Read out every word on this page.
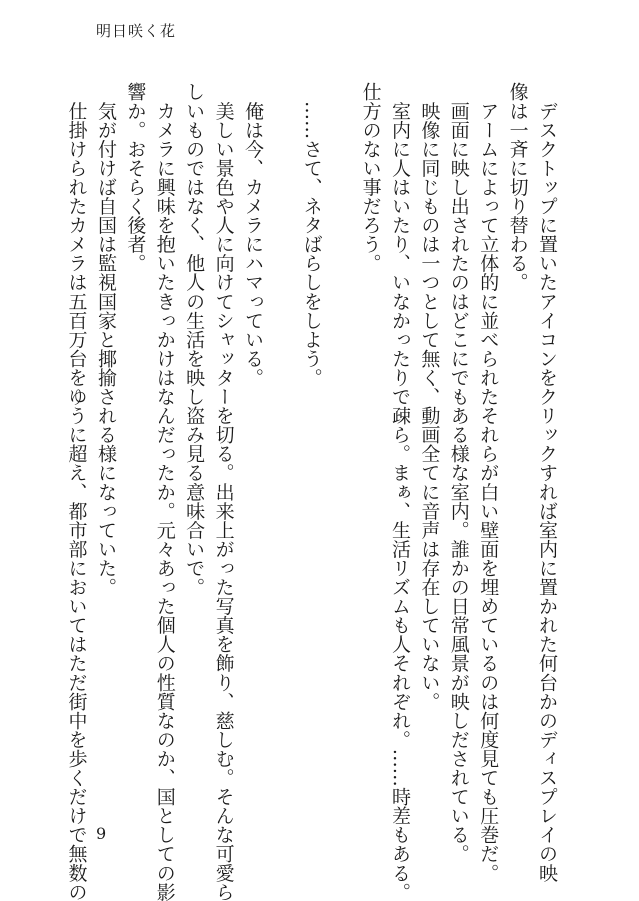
明日咲く花
　デスクトップに置いたアイコンをクリックすれば室内に置かれた何台かのディスプレイの映
像は一斉に切り替わる。
　アームによって立体的に並べられたそれらが白い壁面を埋めているのは何度見ても圧巻だ。
　画面に映し出されたのはどこにでもある様な室内。誰かの日常風景が映しだされている。
　映像に同じものは一つとして無く、動画全てに音声は存在していない。
　室内に人はいたり、いなかったりで疎ら。まぁ、生活リズムも人それぞれ。……時差もある。
仕方のない事だろう。
　……さて、ネタばらしをしよう。
　俺は今、カメラにハマっている。
　美しい景色や人に向けてシャッターを切る。出来上がった写真を飾り、慈しむ。そんな可愛ら
しいものではなく、他人の生活を映し盗み見る意味合いで。
　カメラに興味を抱いたきっかけはなんだったか。元々あった個人の性質なのか、国としての影
響か。おそらく後者。
　気が付けば自国は監視国家と揶揄される様になっていた。
　仕掛けられたカメラは五百万台をゆうに超え、都市部においてはただ街中を歩くだけで無数の 9
